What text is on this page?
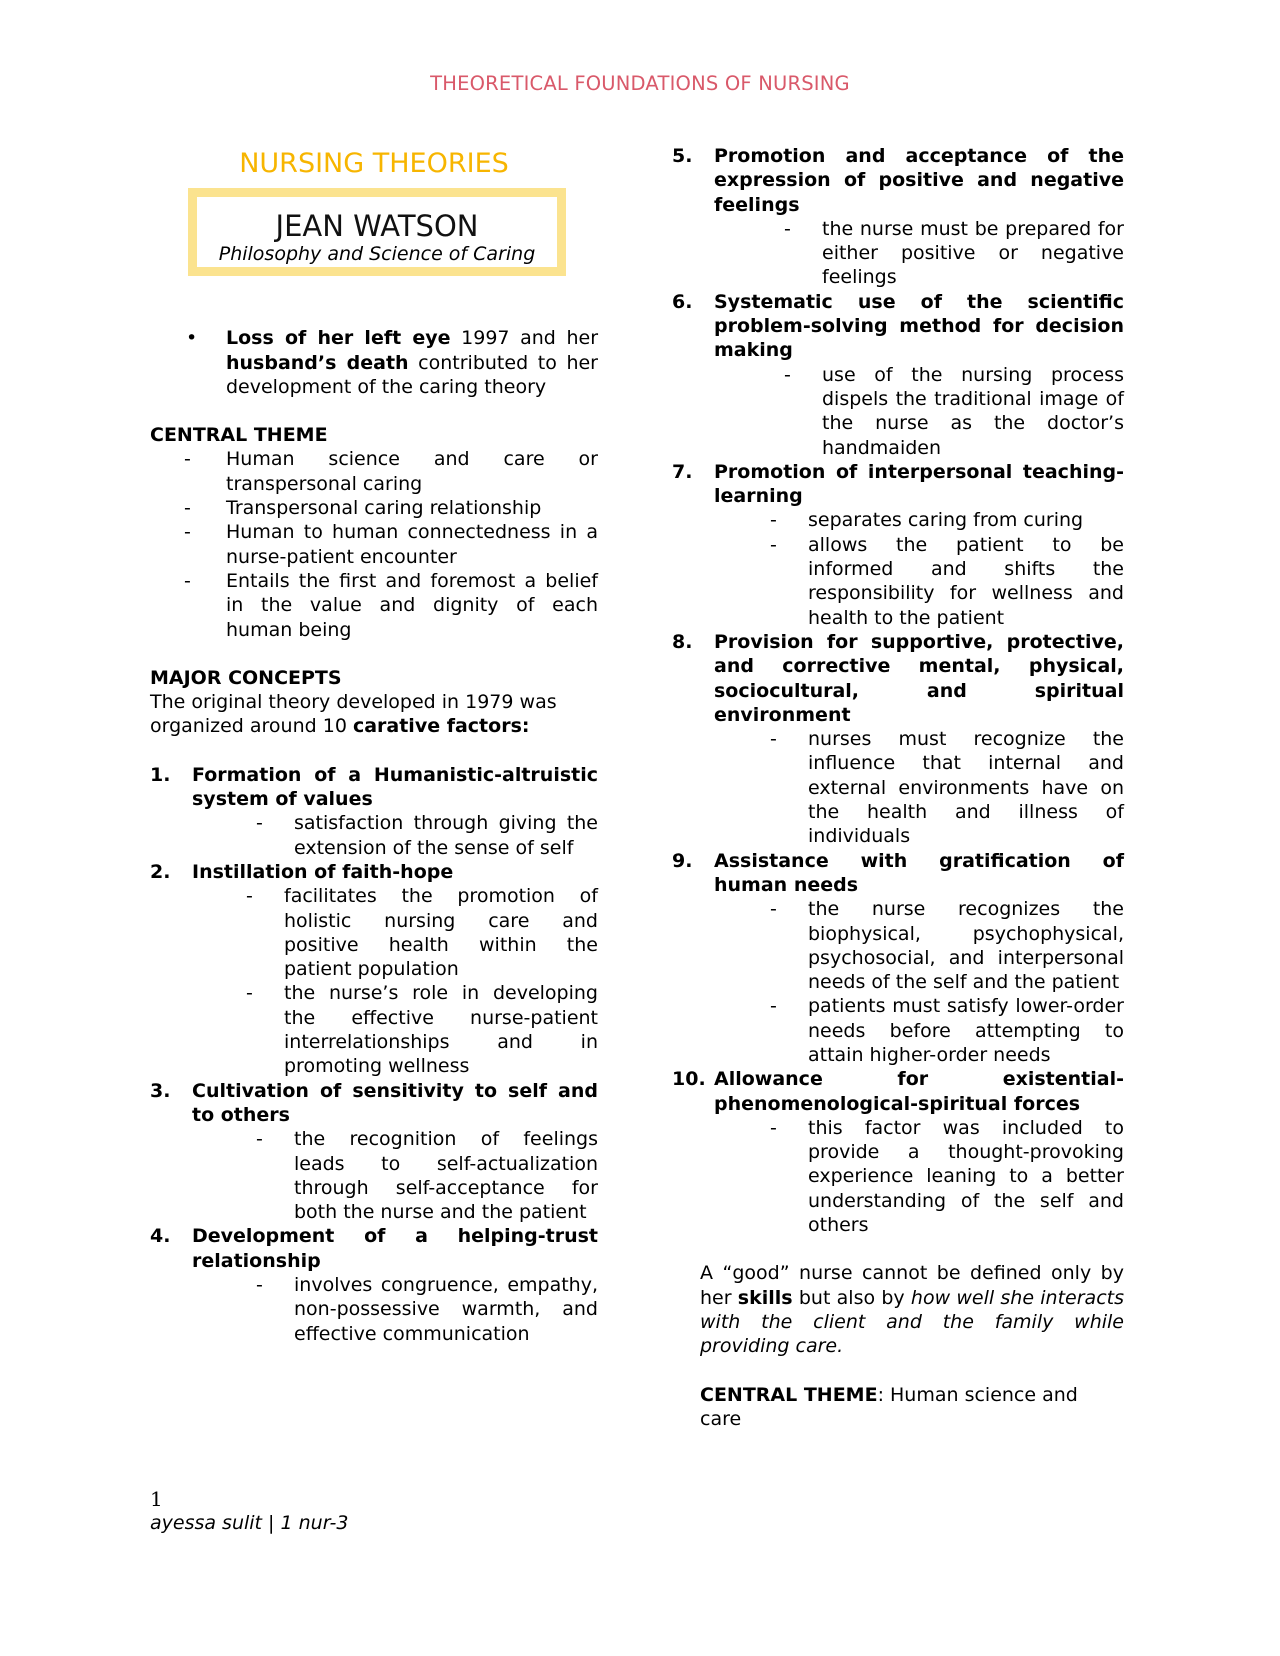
THEORETICAL FOUNDATIONS OF NURSING
NURSING THEORIES
JEAN WATSON
Philosophy and Science of Caring
•	Loss of her left eye 1997 and her husband’s death contributed to her development of the caring theory
CENTRAL THEME
-	Human science and care or transpersonal caring
-	Transpersonal caring relationship
-	Human to human connectedness in a nurse-patient encounter
-	Entails the first and foremost a belief in the value and dignity of each human being
MAJOR CONCEPTS
The original theory developed in 1979 was organized around 10 carative factors:
1.	Formation of a Humanistic-altruistic system of values
-	satisfaction through giving the extension of the sense of self
2.	Instillation of faith-hope
-	facilitates the promotion of holistic nursing care and positive health within the patient population
-	the nurse’s role in developing the effective nurse-patient interrelationships and in promoting wellness
3.	Cultivation of sensitivity to self and to others
-	the recognition of feelings leads to self-actualization through self-acceptance for both the nurse and the patient
4.	Development of a helping-trust relationship
-	involves congruence, empathy, non-possessive warmth, and effective communication
5.	Promotion and acceptance of the expression of positive and negative feelings
-	the nurse must be prepared for either positive or negative feelings
6.	Systematic use of the scientific problem-solving method for decision making
-	use of the nursing process dispels the traditional image of the nurse as the doctor’s handmaiden
7.	Promotion of interpersonal teaching-learning
-	separates caring from curing
-	allows the patient to be informed and shifts the responsibility for wellness and health to the patient
8.	Provision for supportive, protective, and corrective mental, physical, sociocultural, and spiritual environment
-	nurses must recognize the influence that internal and external environments have on the health and illness of individuals
9.	Assistance with gratification of human needs
-	the nurse recognizes the biophysical, psychophysical, psychosocial, and interpersonal needs of the self and the patient
-	patients must satisfy lower-order needs before attempting to attain higher-order needs
10. Allowance for existential-phenomenological-spiritual forces
-	this factor was included to provide a thought-provoking experience leaning to a better understanding of the self and others
A “good” nurse cannot be defined only by her skills but also by how well she interacts with the client and the family while providing care.
CENTRAL THEME: Human science and care
1
ayessa sulit | 1 nur-3
